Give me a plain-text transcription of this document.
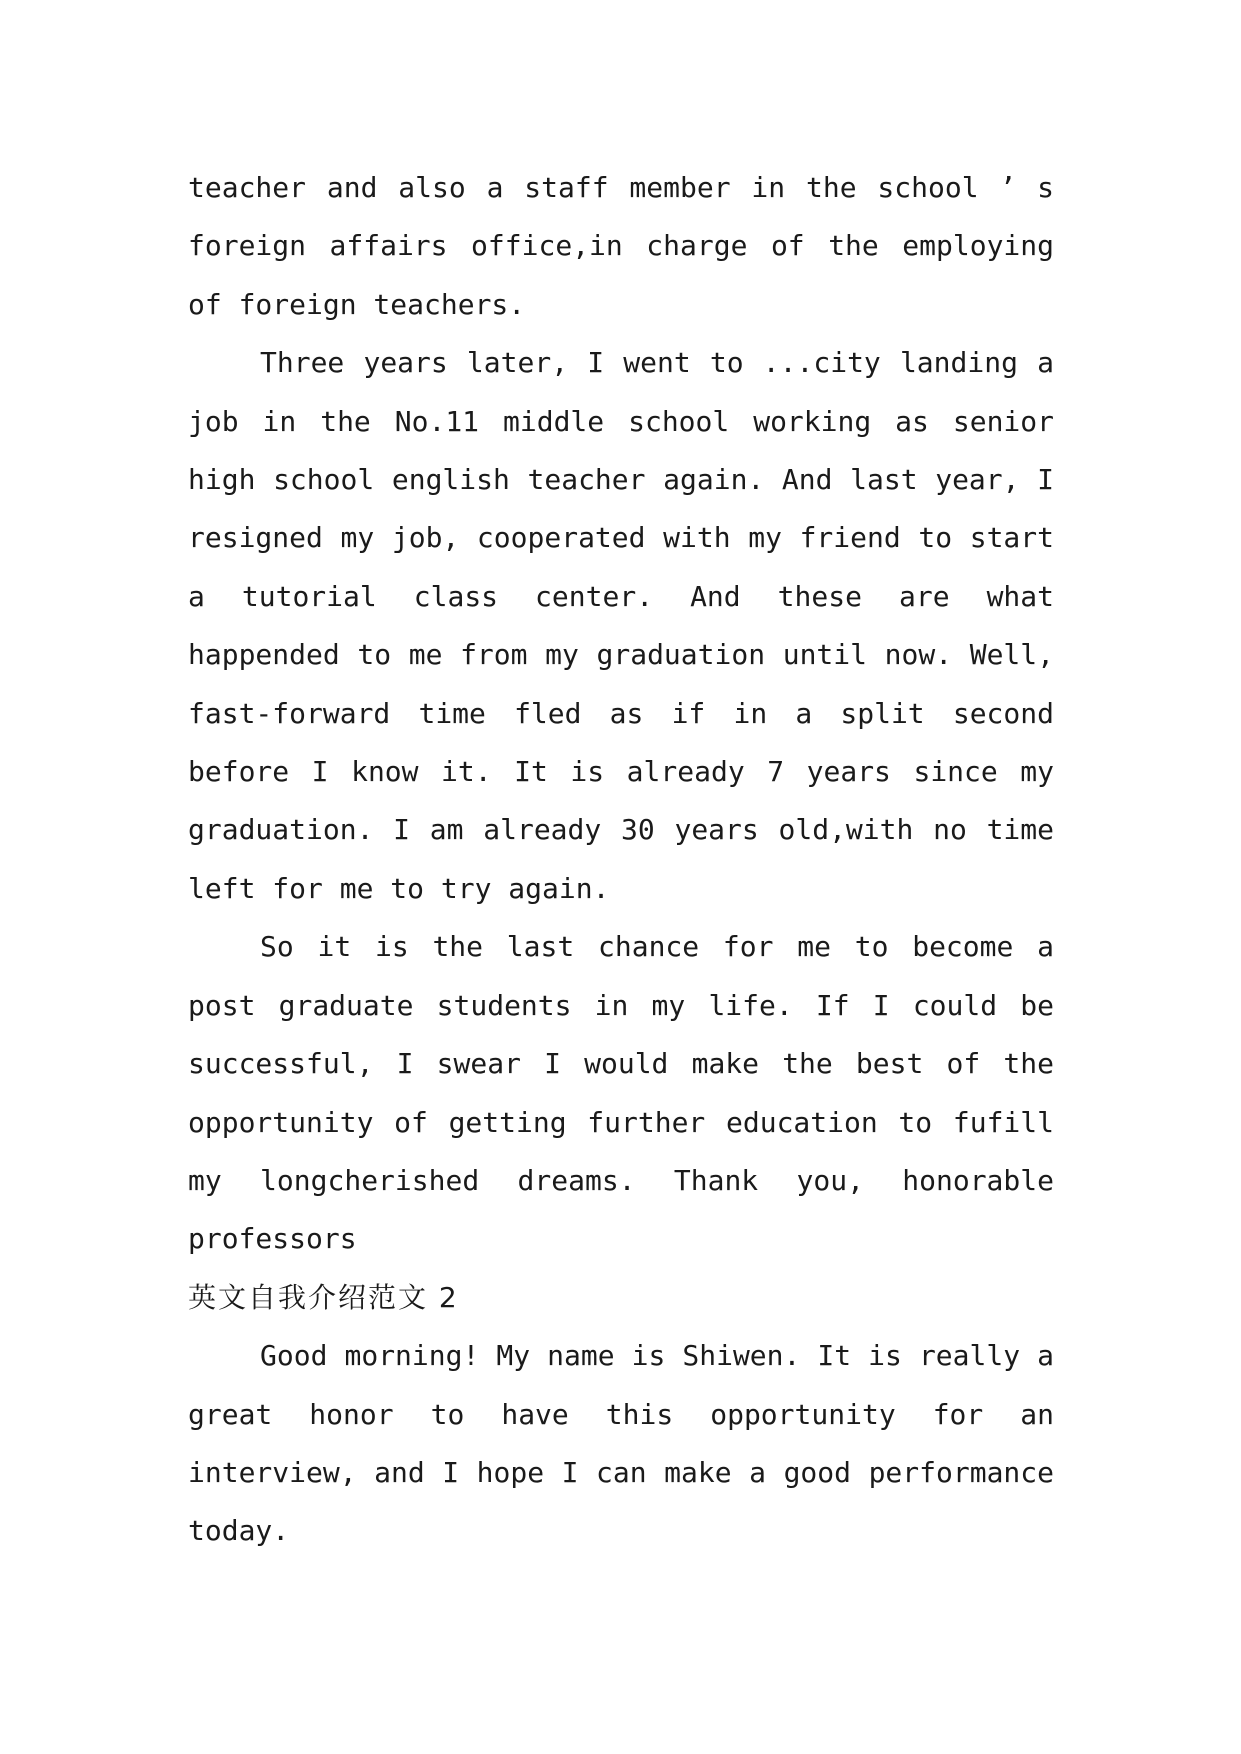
teacher and also a staff member in the school ’ s foreign affairs office,in charge of the employing of foreign teachers.

Three years later, I went to ...city landing a job in the No.11 middle school working as senior high school english teacher again. And last year, I resigned my job, cooperated with my friend to start a tutorial class center. And these are what happended to me from my graduation until now. Well, fast-forward time fled as if in a split second before I know it. It is already 7 years since my graduation. I am already 30 years old,with no time left for me to try again.

So it is the last chance for me to become a post graduate students in my life. If I could be successful, I swear I would make the best of the opportunity of getting further education to fufill my longcherished dreams. Thank you, honorable professors

英文自我介绍范文 2

Good morning! My name is Shiwen. It is really a great honor to have this opportunity for an interview, and I hope I can make a good performance today.
